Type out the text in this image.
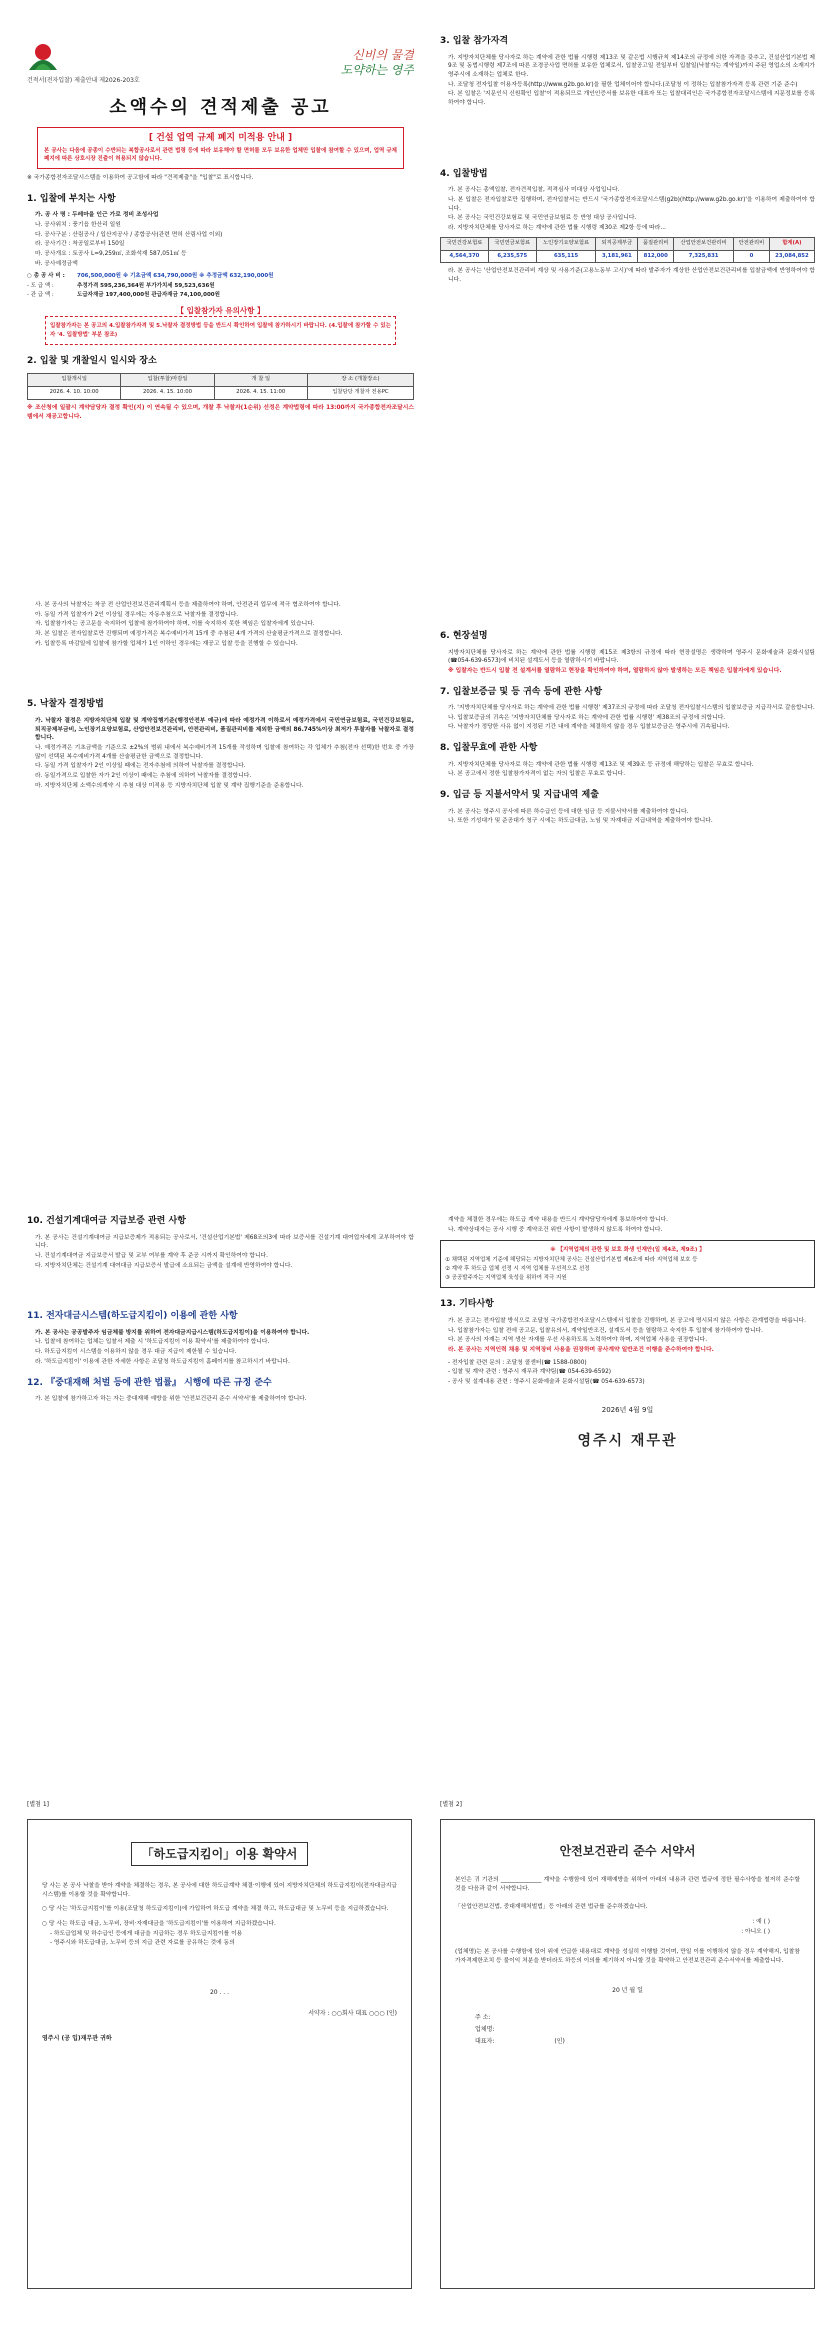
건적서(전자입찰) 제출안내 제2026-203호
신비의 물결
도약하는 영주
소액수의 견적제출 공고
[ 건설 업역 규제 폐지 미적용 안내 ]

본 공사는 다음에 공종이 수반되는 복합공사로서 관련 법령 등에 따라 보유해야 할 면허를 모두 보유한 업체만 입찰에 참여할 수 있으며, 업역 규제 폐지에 따른 상호시장 진출이 허용되지 않습니다.

※ 국가종합전자조달시스템을 이용하여 공고함에 따라 "견적제출"을 "입찰"로 표시합니다.

1. 입찰에 부치는 사항

가. 공 사 명 : 두레마을 인근 가로 정비 조성사업

나. 공사위치 : 풍기읍 한산리 일원

다. 공사구분 : 산림공사 / 입산지공사 / 종합공사(관련 면허 산림사업 이외)

라. 공사기간 : 착공일로부터 150일

마. 공사개요 : 토공사 L=9,259㎡, 조화석재 587,051㎡ 등

바. 공사예정금액

○ 총 공 사 비 :	706,500,000원 ※ 기초금액 634,790,000원 ※ 추정금액 632,190,000원
- 도 급 액 :	추정가격 595,236,364원 부가가치세 59,523,636원
- 관 급 액 :	도급자재금 197,400,000원 관급자재금 74,100,000원
【 입찰참가자 유의사항 】

입찰참가자는 본 공고의 4.입찰참가자격 및 5.낙찰자 결정방법 등을 반드시 확인하여 입찰에 참가하시기 바랍니다. (4.입찰에 참가할 수 있는 자 '4. 입찰방법' 부분 참조)

2. 입찰 및 개찰일시 일시와 장소
입찰개시일	입찰(투찰)마감일	개 찰 일	장 소 (개찰장소)
2026. 4. 10. 10:00	2026. 4. 15. 10:00	2026. 4. 15. 11:00	입찰담당 개찰자 전용PC

※ 조산청에 일괄시 계약담당자 결정 확인(지) 이 연속될 수 있으며, 개찰 후 낙찰자(1순위) 선정은 계약법령에 따라 13:00까지 국가종합전자조달시스템에서 재공고합니다.

3. 입찰 참가자격

가. 지방자치단체를 당사자로 하는 계약에 관한 법률 시행령 제13조 및 같은법 시행규칙 제14조의 규정에 의한 자격을 갖추고, 건설산업기본법 제9조 및 동법시행령 제7조에 따른 조경공사업 면허를 보유한 업체로서, 입찰공고일 전일부터 입찰일(낙찰자는 계약일)까지 주된 영업소의 소재지가 영주시에 소재하는 업체로 한다.

나. 조달청 전자입찰 이용자등록(http://www.g2b.go.kr)을 필한 업체이어야 합니다.(조달청 이 정하는 입찰참가자격 등록 관련 기준 준수)

다. 본 입찰은 '지문인식 신원확인 입찰'이 적용되므로 개인인증서를 보유한 대표자 또는 입찰대리인은 국가종합전자조달시스템에 지문정보를 등록하여야 합니다.

4. 입찰방법

가. 본 공사는 총액입찰, 전자견적입찰, 적격심사 미대상 사업입니다.

나. 본 입찰은 전자입찰로만 집행하며, 전자입찰서는 반드시 '국가종합전자조달시스템(g2b)(http://www.g2b.go.kr)'을 이용하여 제출하여야 합니다.

다. 본 공사는 국민건강보험료 및 국민연금보험료 등 반영 대상 공사입니다.

라. 지방자치단체를 당사자로 하는 계약에 관한 법률 시행령 제30조 제2항 등에 따라...

국민건강보험료	국민연금보험료	노인장기요양보험료	퇴직공제부금	품질관리비	산업안전보건관리비	안전관리비	합계(A)
4,564,370	6,235,575	635,115	3,181,961	812,000	7,325,831	0	23,084,852

라. 본 공사는 '산업안전보건관리비 계상 및 사용기준(고용노동부 고시)'에 따라 발주자가 계상한 산업안전보건관리비를 입찰금액에 반영하여야 합니다.

사. 본 공사의 낙찰자는 착공 전 산업안전보건관리계획서 등을 제출하여야 하며, 안전관리 업무에 적극 협조하여야 합니다.

아. 동일 가격 입찰자가 2인 이상일 경우에는 자동추첨으로 낙찰자를 결정합니다.

자. 입찰참가자는 공고문을 숙지하여 입찰에 참가하여야 하며, 이를 숙지하지 못한 책임은 입찰자에게 있습니다.

차. 본 입찰은 전자입찰로만 진행되며 예정가격은 복수예비가격 15개 중 추첨된 4개 가격의 산술평균가격으로 결정합니다.

카. 입찰등록 마감일에 입찰에 참가할 업체가 1인 이하인 경우에는 재공고 입찰 등을 진행할 수 있습니다.

5. 낙찰자 결정방법

가. 낙찰자 결정은 지방자치단체 입찰 및 계약집행기준(행정안전부 예규)에 따라 예정가격 이하로서 예정가격에서 국민연금보험료, 국민건강보험료, 퇴직공제부금비, 노인장기요양보험료, 산업안전보건관리비, 안전관리비, 품질관리비를 제외한 금액의 86.745%이상 최저가 투찰자를 낙찰자로 결정합니다.

나. 예정가격은 기초금액을 기준으로 ±2%의 범위 내에서 복수예비가격 15개를 작성하며 입찰에 참여하는 각 업체가 추첨(전자 선택)한 번호 중 가장 많이 선택된 복수예비가격 4개를 산술평균한 금액으로 결정합니다.

다. 동일 가격 입찰자가 2인 이상일 때에는 전자추첨에 의하여 낙찰자를 결정합니다.

라. 동일가격으로 입찰한 자가 2인 이상이 때에는 추첨에 의하여 낙찰자를 결정합니다.

마. 지방자치단체 소액수의계약 시 추첨 대상 미적용 등 지방자치단체 입찰 및 계약 집행기준을 준용합니다.

6. 현장설명

지방자치단체를 당사자로 하는 계약에 관한 법률 시행령 제15조 제3항의 규정에 따라 현장설명은 생략하며 영주시 문화예술과 문화시설팀(☎054-639-6573)에 비치된 설계도서 등을 열람하시기 바랍니다.

※ 입찰자는 반드시 입찰 전 설계서를 열람하고 현장을 확인하여야 하며, 열람하지 않아 발생하는 모든 책임은 입찰자에게 있습니다.

7. 입찰보증금 및 등 귀속 등에 관한 사항

가. '지방자치단체를 당사자로 하는 계약에 관한 법률 시행령' 제37조의 규정에 따라 조달청 전자입찰시스템의 입찰보증금 지급각서로 갈음합니다.

나. 입찰보증금의 귀속은 '지방자치단체를 당사자로 하는 계약에 관한 법률 시행령' 제38조의 규정에 의합니다.

다. 낙찰자가 정당한 사유 없이 지정된 기간 내에 계약을 체결하지 않을 경우 입찰보증금은 영주시에 귀속됩니다.

8. 입찰무효에 관한 사항

가. 지방자치단체를 당사자로 하는 계약에 관한 법률 시행령 제13조 및 제39조 등 규정에 해당하는 입찰은 무효로 합니다.

나. 본 공고에서 정한 입찰참가자격이 없는 자의 입찰은 무효로 합니다.

9. 입금 등 지불서약서 및 지급내역 제출

가. 본 공사는 영주시 공사에 따른 하수급인 등에 대한 임금 등 지불서약서를 제출하여야 합니다.

나. 또한 기성대가 및 준공대가 청구 시에는 하도급대금, 노임 및 자재대금 지급내역을 제출하여야 합니다.

10. 건설기계대여금 지급보증 관련 사항

가. 본 공사는 건설기계대여금 지급보증제가 적용되는 공사로서, '건설산업기본법' 제68조의3에 따라 보증서를 건설기계 대여업자에게 교부하여야 합니다.

나. 건설기계대여금 지급보증서 발급 및 교부 여부를 계약 후 준공 시까지 확인하여야 합니다.

다. 지방자치단체는 건설기계 대여대금 지급보증서 발급에 소요되는 금액을 설계에 반영하여야 합니다.

11. 전자대금시스템(하도급지킴이) 이용에 관한 사항

가. 본 공사는 공공발주자 임금체불 방지를 위하여 전자대금지급시스템(하도급지킴이)을 이용하여야 합니다.

나. 입찰에 참여하는 업체는 입찰서 제출 시 '하도급지킴이 이용 확약서'를 제출하여야 합니다.

다. 하도급지킴이 시스템을 이용하지 않을 경우 대금 지급이 제한될 수 있습니다.

라. '하도급지킴이' 이용에 관한 자세한 사항은 조달청 하도급지킴이 홈페이지를 참고하시기 바랍니다.

12. 『중대재해 처벌 등에 관한 법률』 시행에 따른 규정 준수

가. 본 입찰에 참가하고자 하는 자는 중대재해 예방을 위한 '안전보건관리 준수 서약서'를 제출하여야 합니다.

계약을 체결한 경우에는 하도급 계약 내용을 반드시 계약담당자에게 통보하여야 합니다.

나. 계약상대자는 공사 시행 중 계약조건 위반 사항이 발생하지 않도록 하여야 합니다.

※ 【지역업체의 관한 및 보호 화생 인재안(일 제4조, 제9조) 】

① 채택된 지역업체 기준에 해당되는 지방자치단체 공사는 건설산업기본법 제6조에 따라 지역업체 보호 등

② 계약 후 하도급 업체 선정 시 지역 업체를 우선적으로 선정

③ 공공발주자는 지역업체 육성을 위하여 적극 지원

13. 기타사항

가. 본 공고는 전자입찰 방식으로 조달청 국가종합전자조달시스템에서 입찰을 진행하며, 본 공고에 명시되지 않은 사항은 관계법령을 따릅니다.

나. 입찰참가자는 입찰 전에 공고문, 입찰유의서, 계약일반조건, 설계도서 등을 열람하고 숙지한 후 입찰에 참가하여야 합니다.

다. 본 공사의 자재는 지역 생산 자재를 우선 사용하도록 노력하여야 하며, 지역업체 사용을 권장합니다.

라. 본 공사는 지역인력 채용 및 지역장비 사용을 권장하며 공사계약 일반조건 이행을 준수하여야 합니다.

- 전자입찰 관련 문의 : 조달청 콜센터(☎ 1588-0800)

- 입찰 및 계약 관련 : 영주시 재무과 계약팀(☎ 054-639-6592)

- 공사 및 설계내용 관련 : 영주시 문화예술과 문화시설팀(☎ 054-639-6573)

2026년 4월 9일
영주시 재무관
[별첨 1]
「하도급지킴이」이용 확약서

당 사는 본 공사 낙찰을 받아 계약을 체결하는 경우, 본 공사에 대한 하도급계약 체결·이행에 있어 지방자치단체의 하도급지킴이(전자대금지급시스템)를 이용할 것을 확약합니다.

○ 당 사는 '하도급지킴이'를 이용(조달청 하도급지킴이)에 가입하여 하도급 계약을 체결 하고, 하도급대금 및 노무비 등을 지급하겠습니다.

○ 당 사는 하도급 대금, 노무비, 장비·자재대금을 '하도급지킴이'를 이용하여 지급하겠습니다.

- 하도급업체 및 하수급인 등에게 대금을 지급하는 경우 하도급지킴이를 이용

- 영주시와 하도급대금, 노무비 등의 지급 관련 자료를 공유하는 것에 동의

20 . . .
서약자 : ○○회사 대표 ○○○ (인)
영주시 (공 입)재무관 귀하
[별첨 2]
안전보건관리 준수 서약서

본인은 귀 기관의 ______________ 계약을 수행함에 있어 재해예방을 위하여 아래의 내용과 관련 법규에 정한 필수사항을 철저히 준수할 것을 다음과 같이 서약합니다.

「산업안전보건법, 중대재해처벌법」등 아래의 관련 법규를 준수하겠습니다.

: 예 ( )

: 아니오 ( )

(업체명)는 본 공사를 수행함에 있어 위에 언급한 내용대로 계약을 성실히 이행할 것이며, 만일 이를 이행하지 않을 경우 계약해지, 입찰참가자격제한조치 등 불이익 처분을 받더라도 하등의 이의를 제기하지 아니할 것을 확약하고 안전보건관리 준수서약서를 제출합니다.

20 년 월 일
주 소:
업체명:
대표자:	(인)
